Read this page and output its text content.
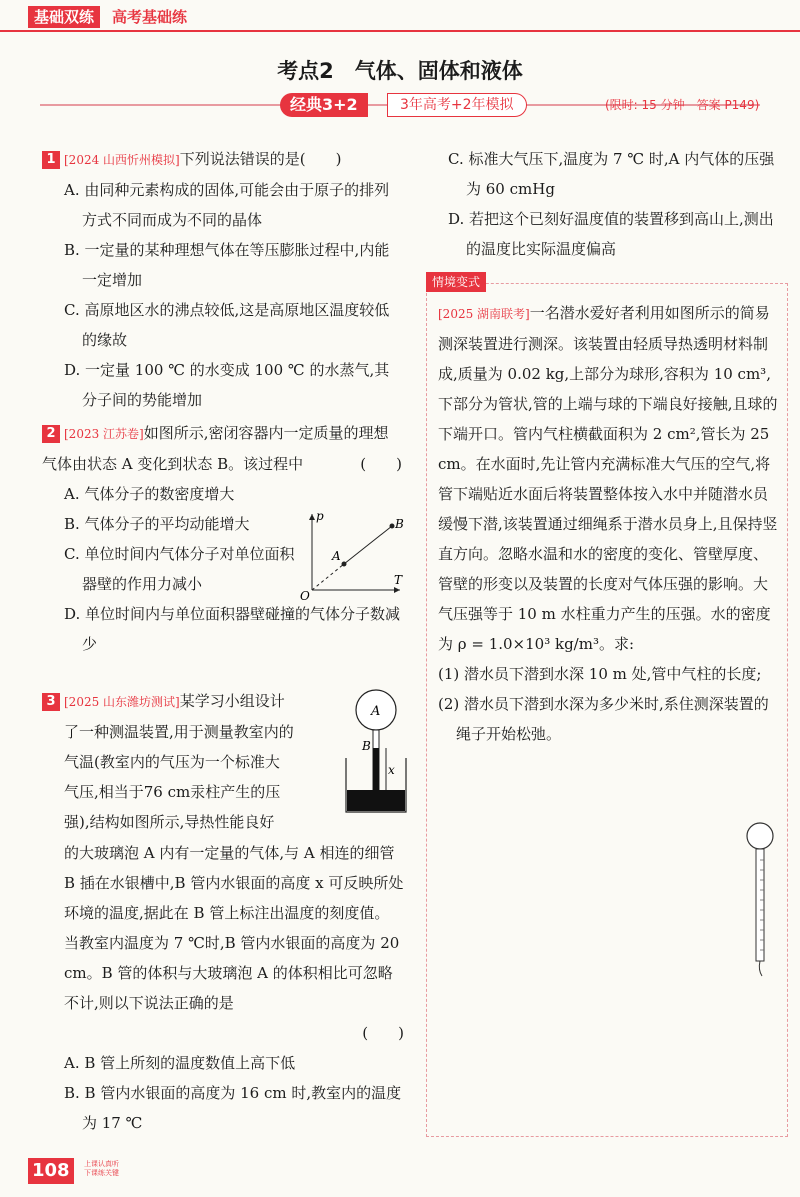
基础双练	高考基础练
考点2　气体、固体和液体
经典3+2	3年高考+2年模拟	(限时: 15 分钟　答案 P149)
1 [2024 山西忻州模拟]下列说法错误的是(　　)
A. 由同种元素构成的固体,可能会由于原子的排列方式不同而成为不同的晶体
B. 一定量的某种理想气体在等压膨胀过程中,内能一定增加
C. 高原地区水的沸点较低,这是高原地区温度较低的缘故
D. 一定量 100 ℃ 的水变成 100 ℃ 的水蒸气,其分子间的势能增加
2 [2023 江苏卷]如图所示,密闭容器内一定质量的理想气体由状态 A 变化到状态 B。该过程中	(　　)
A. 气体分子的数密度增大
B. 气体分子的平均动能增大
C. 单位时间内气体分子对单位面积器壁的作用力减小
D. 单位时间内与单位面积器壁碰撞的气体分子数减少
p
T
O
A
B
3 [2025 山东潍坊测试]某学习小组设计
了一种测温装置,用于测量教室内的
气温(教室内的气压为一个标准大
气压,相当于76 cm汞柱产生的压
强),结构如图所示,导热性能良好
A
B
x
的大玻璃泡 A 内有一定量的气体,与 A 相连的细管 B 插在水银槽中,B 管内水银面的高度 x 可反映所处环境的温度,据此在 B 管上标注出温度的刻度值。当教室内温度为 7 ℃时,B 管内水银面的高度为 20 cm。B 管的体积与大玻璃泡 A 的体积相比可忽略不计,则以下说法正确的是
(　　)
A. B 管上所刻的温度数值上高下低
B. B 管内水银面的高度为 16 cm 时,教室内的温度为 17 ℃
C. 标准大气压下,温度为 7 ℃ 时,A 内气体的压强为 60 cmHg
D. 若把这个已刻好温度值的装置移到高山上,测出的温度比实际温度偏高
情境变式
[2025 湖南联考]一名潜水爱好者利用如图所示的简易测深装置进行测深。该装置由轻质导热透明材料制成,质量为 0.02 kg,上部分为球形,容积为 10 cm³,下部分为管状,管的上端与球的下端良好接触,且球的下端开口。管内气柱横截面积为 2 cm²,管长为 25 cm。在水面时,先让管内充满标准大气压的空气,将管下端贴近水面后将装置整体按入水中并随潜水员缓慢下潜,该装置通过细绳系于潜水员身上,且保持竖直方向。忽略水温和水的密度的变化、管壁厚度、管壁的形变以及装置的长度对气体压强的影响。大气压强等于 10 m 水柱重力产生的压强。水的密度为 ρ = 1.0×10³ kg/m³。求:
(1) 潜水员下潜到水深 10 m 处,管中气柱的长度;
(2) 潜水员下潜到水深为多少米时,系住测深装置的绳子开始松弛。
108	上课认真听 下课练关键
